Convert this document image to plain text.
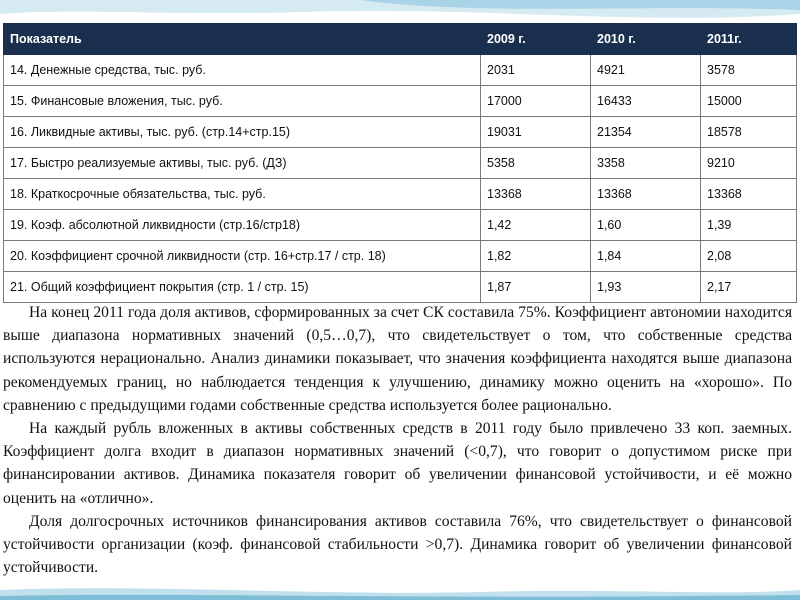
Показатель	2009 г.	2010 г.	2011г.
14. Денежные средства, тыс. руб.	2031	4921	3578
15. Финансовые вложения, тыс. руб.	17000	16433	15000
16. Ликвидные активы, тыс. руб. (стр.14+стр.15)	19031	21354	18578
17. Быстро реализуемые активы, тыс. руб. (ДЗ)	5358	3358	9210
18. Краткосрочные обязательства, тыс. руб.	13368	13368	13368
19. Коэф. абсолютной ликвидности (стр.16/стр18)	1,42	1,60	1,39
20. Коэффициент срочной ликвидности (стр. 16+стр.17 / стр. 18)	1,82	1,84	2,08
21. Общий коэффициент покрытия (стр. 1 / стр. 15)	1,87	1,93	2,17

На конец 2011 года доля активов, сформированных за счет СК составила 75%. Коэффициент автономии находится выше диапазона нормативных значений (0,5…0,7), что свидетельствует о том, что собственные средства используются нерационально. Анализ динамики показывает, что значения коэффициента находятся выше диапазона рекомендуемых границ, но наблюдается тенденция к улучшению, динамику можно оценить на «хорошо». По сравнению с предыдущими годами собственные средства используется более рационально.

На каждый рубль вложенных в активы собственных средств в 2011 году было привлечено 33 коп. заемных. Коэффициент долга входит в диапазон нормативных значений (<0,7), что говорит о допустимом риске при финансировании активов. Динамика показателя говорит об увеличении финансовой устойчивости, и её можно оценить на «отлично».

Доля долгосрочных источников финансирования активов составила 76%, что свидетельствует о финансовой устойчивости организации (коэф. финансовой стабильности >0,7). Динамика говорит об увеличении финансовой устойчивости.
